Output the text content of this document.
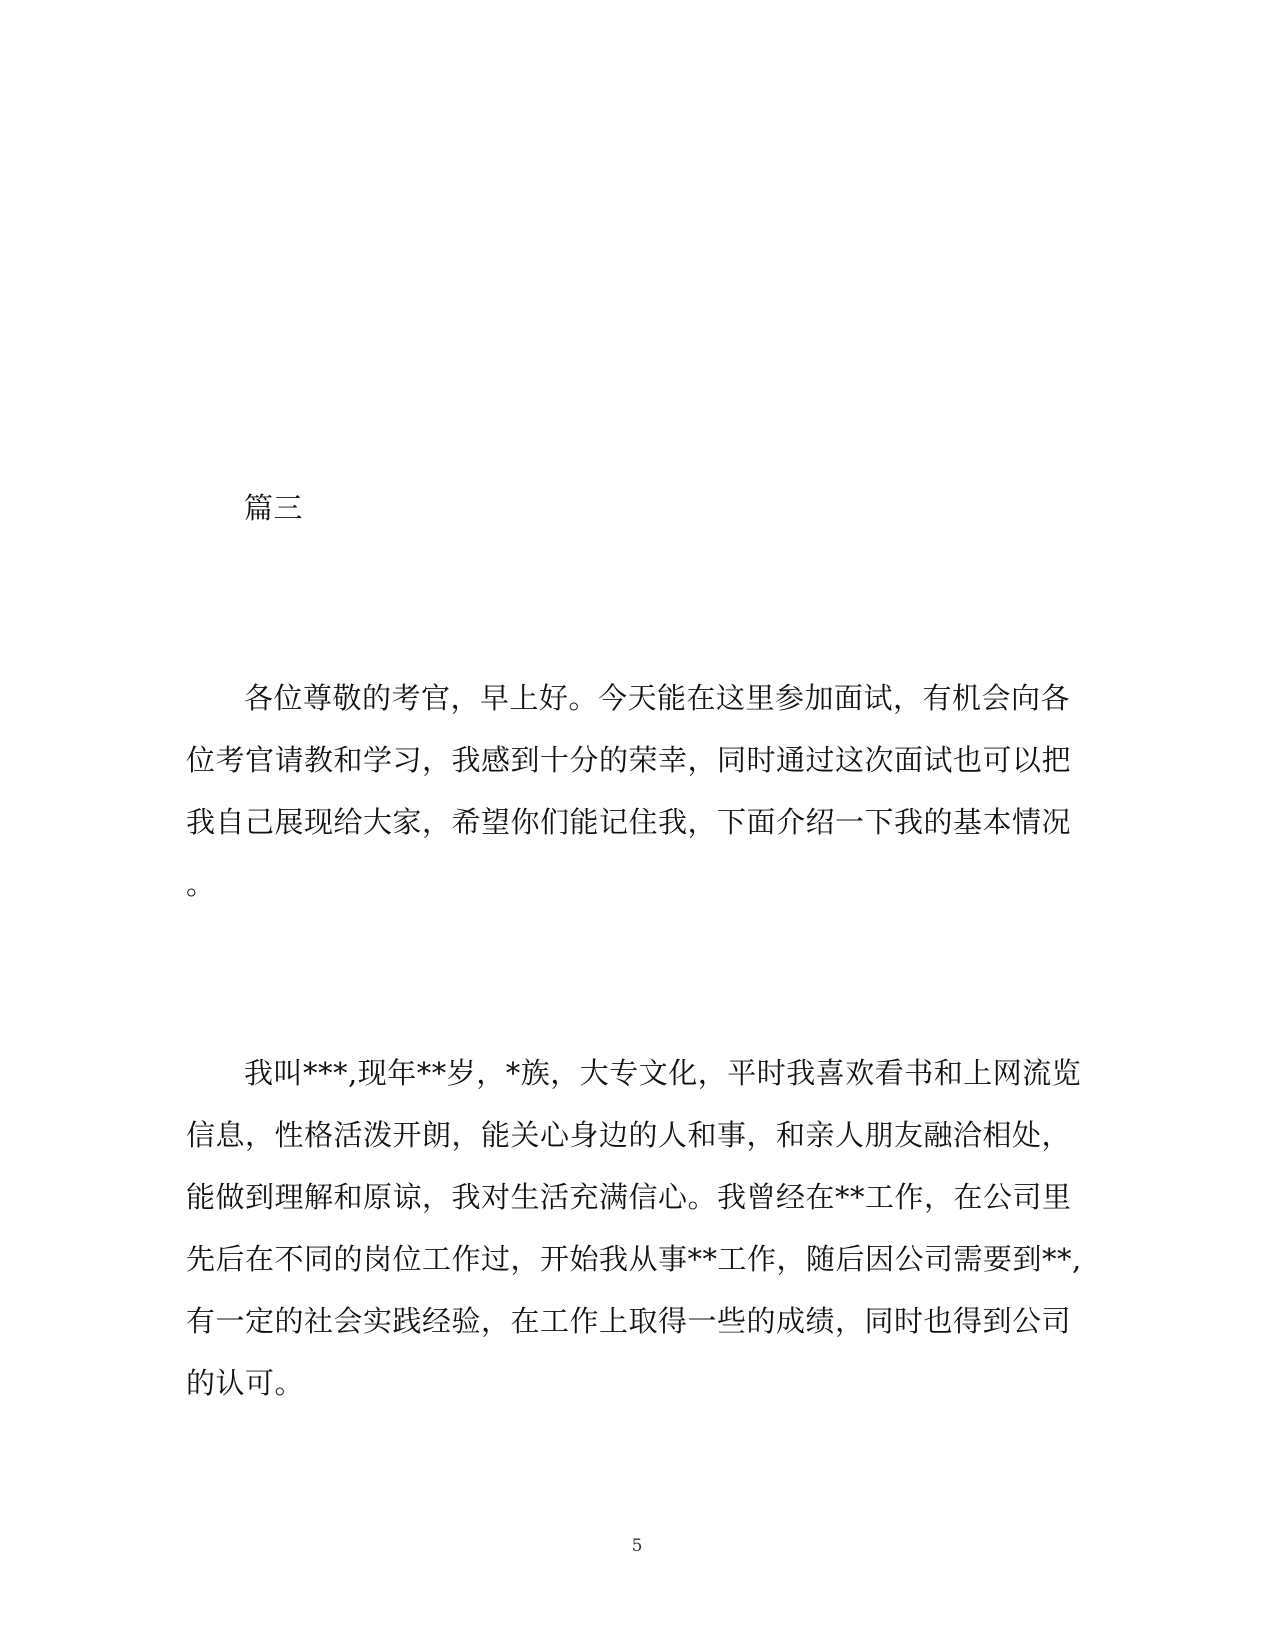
篇三
各位尊敬的考官，早上好。今天能在这里参加面试，有机会向各
位考官请教和学习，我感到十分的荣幸，同时通过这次面试也可以把
我自己展现给大家，希望你们能记住我，下面介绍一下我的基本情况
。
我叫***,现年**岁，*族，大专文化，平时我喜欢看书和上网流览
信息，性格活泼开朗，能关心身边的人和事，和亲人朋友融洽相处，
能做到理解和原谅，我对生活充满信心。我曾经在**工作，在公司里
先后在不同的岗位工作过，开始我从事**工作，随后因公司需要到**,
有一定的社会实践经验，在工作上取得一些的成绩，同时也得到公司
的认可。
5
